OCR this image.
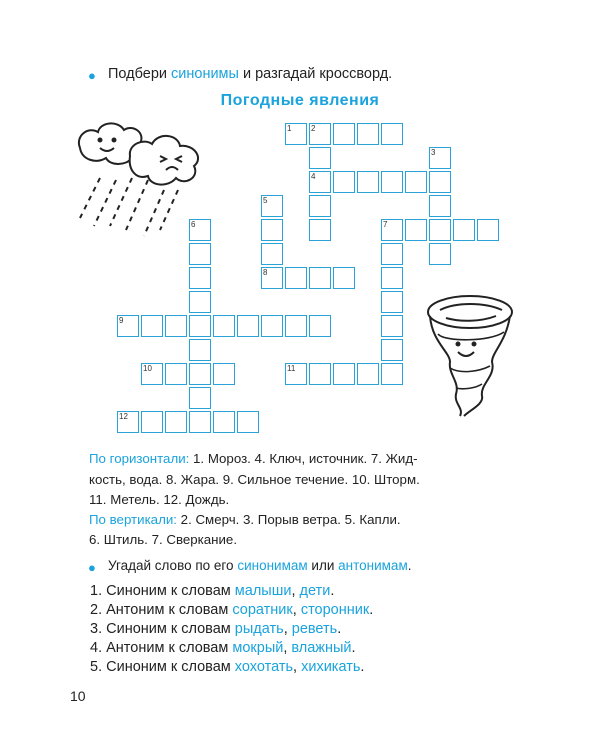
● Подбери синонимы и разгадай кроссворд.
Погодные явления
1 2
3
4
5
6	7
8
9
10	11
12
По горизонтали: 1. Мороз. 4. Ключ, источник. 7. Жид-
кость, вода. 8. Жара. 9. Сильное течение. 10. Шторм.
11. Метель. 12. Дождь.
По вертикали: 2. Смерч. 3. Порыв ветра. 5. Капли.
6. Штиль. 7. Сверкание.
● Угадай слово по его синонимам или антонимам.
1. Синоним к словам малыши, дети.
2. Антоним к словам соратник, сторонник.
3. Синоним к словам рыдать, реветь.
4. Антоним к словам мокрый, влажный.
5. Синоним к словам хохотать, хихикать.
10
